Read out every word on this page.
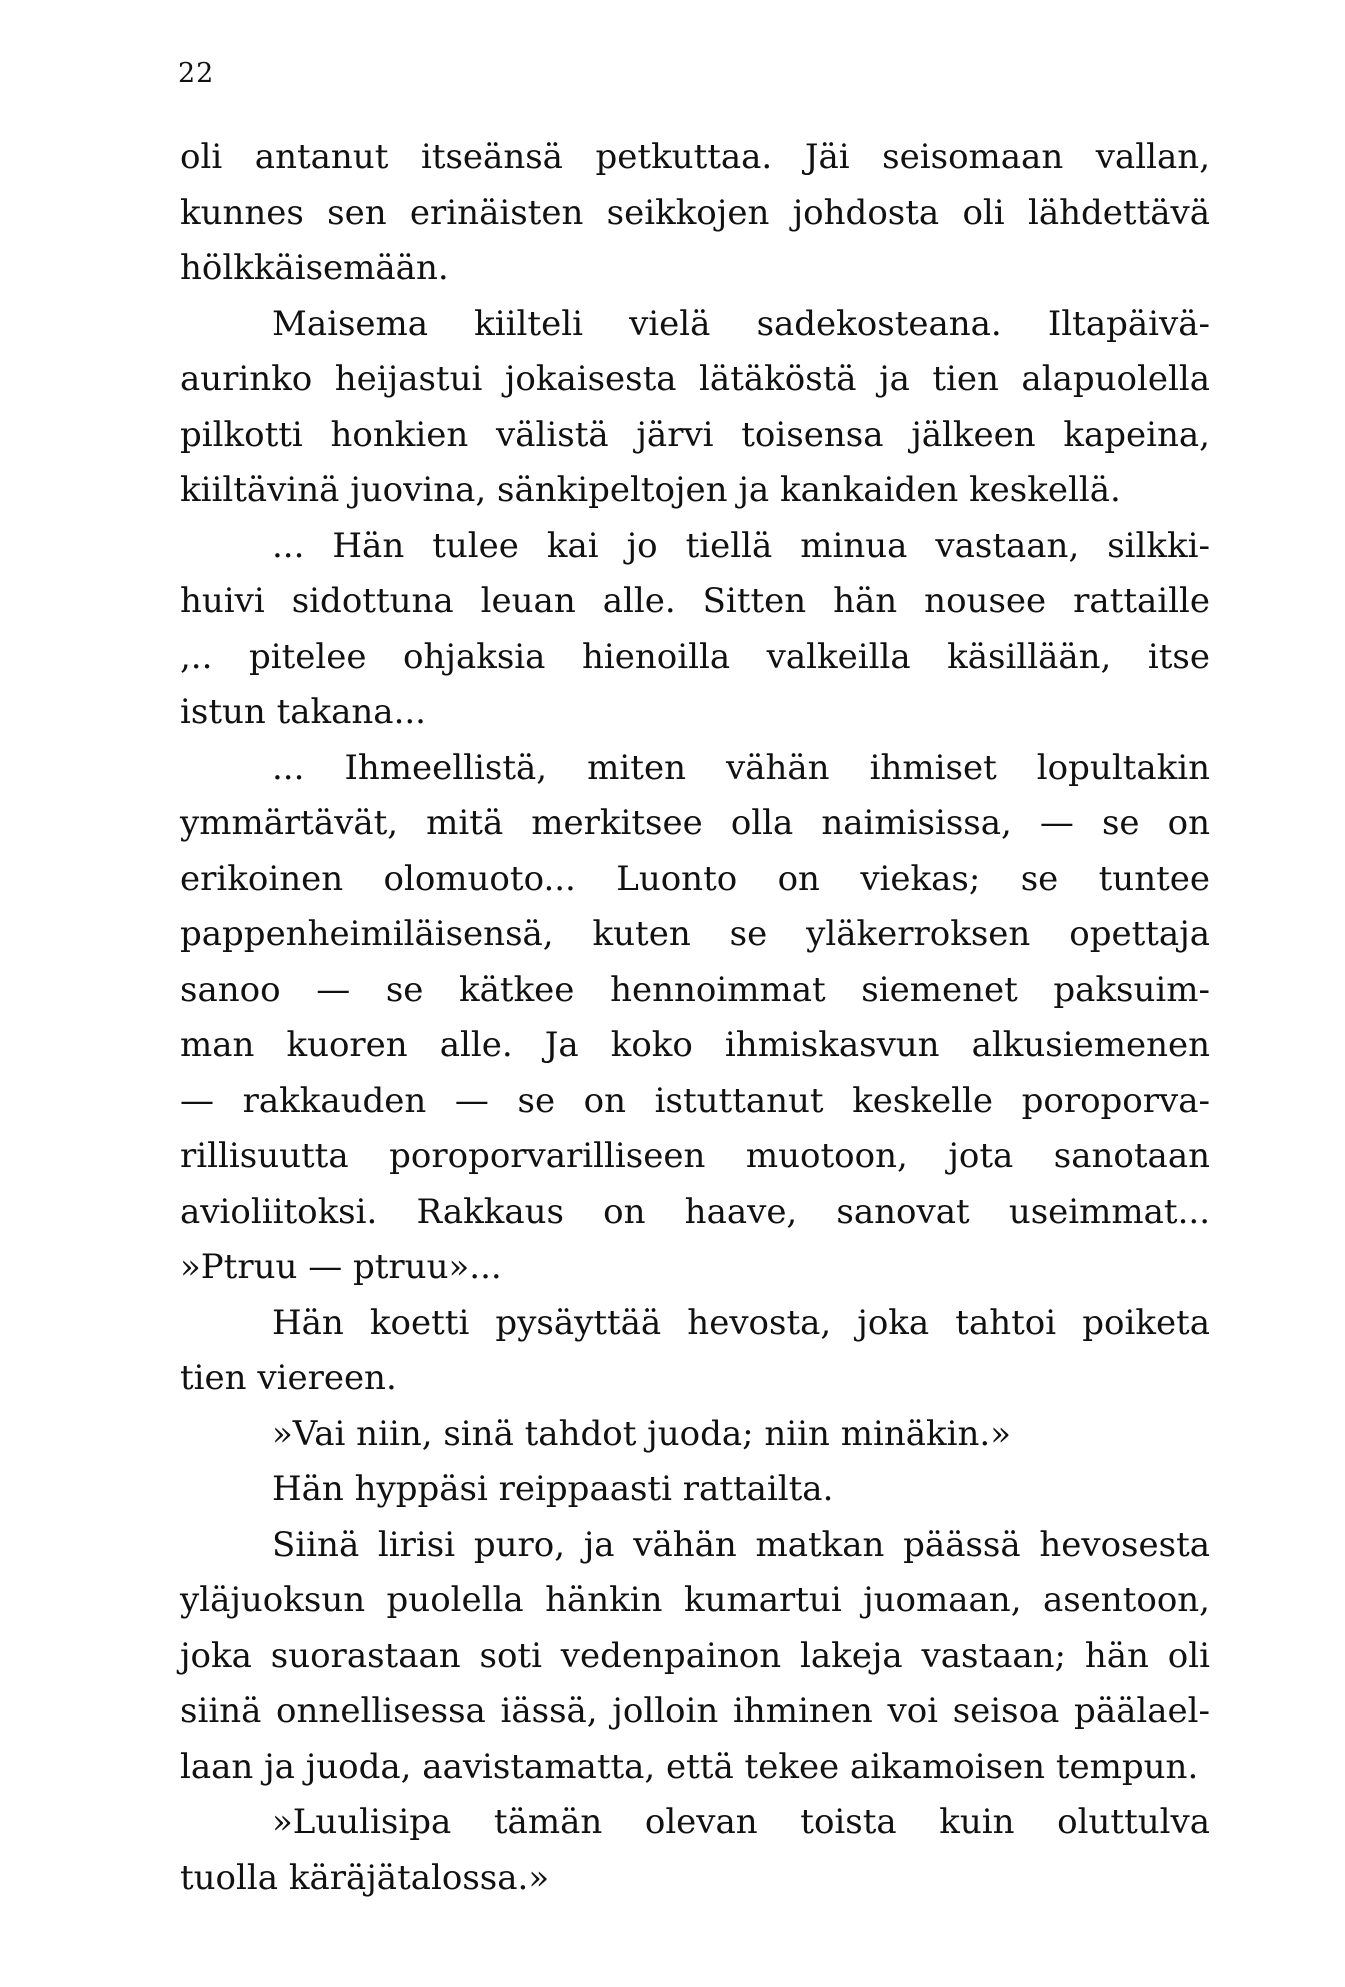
22
oli antanut itseänsä petkuttaa. Jäi seisomaan vallan,
kunnes sen erinäisten seikkojen johdosta oli lähdettävä
hölkkäisemään.
Maisema kiilteli vielä sadekosteana. Iltapäivä-
aurinko heijastui jokaisesta lätäköstä ja tien alapuolella
pilkotti honkien välistä järvi toisensa jälkeen kapeina,
kiiltävinä juovina, sänkipeltojen ja kankaiden keskellä.
... Hän tulee kai jo tiellä minua vastaan, silkki-
huivi sidottuna leuan alle. Sitten hän nousee rattaille
,.. pitelee ohjaksia hienoilla valkeilla käsillään, itse
istun takana...
... Ihmeellistä, miten vähän ihmiset lopultakin
ymmärtävät, mitä merkitsee olla naimisissa, — se on
erikoinen olomuoto... Luonto on viekas; se tuntee
pappenheimiläisensä, kuten se yläkerroksen opettaja
sanoo — se kätkee hennoimmat siemenet paksuim-
man kuoren alle. Ja koko ihmiskasvun alkusiemenen
— rakkauden — se on istuttanut keskelle poroporva-
rillisuutta poroporvarilliseen muotoon, jota sanotaan
avioliitoksi. Rakkaus on haave, sanovat useimmat...
»Ptruu — ptruu»...
Hän koetti pysäyttää hevosta, joka tahtoi poiketa
tien viereen.
»Vai niin, sinä tahdot juoda; niin minäkin.»
Hän hyppäsi reippaasti rattailta.
Siinä lirisi puro, ja vähän matkan päässä hevosesta
yläjuoksun puolella hänkin kumartui juomaan, asentoon,
joka suorastaan soti vedenpainon lakeja vastaan; hän oli
siinä onnellisessa iässä, jolloin ihminen voi seisoa päälael-
laan ja juoda, aavistamatta, että tekee aikamoisen tempun.
»Luulisipa tämän olevan toista kuin oluttulva
tuolla käräjätalossa.»
